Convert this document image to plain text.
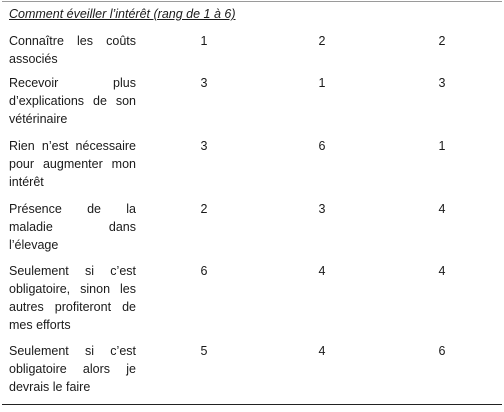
Comment éveiller l’intérêt (rang de 1 à 6)
Connaître les coûts associés
1	2	2
Recevoir plus d’explications de son vétérinaire
3	1	3
Rien n’est nécessaire pour augmenter mon intérêt
3	6	1
Présence de la maladie dans l’élevage
2	3	4
Seulement si c’est obligatoire, sinon les autres profiteront de mes efforts
6	4	4
Seulement si c’est obligatoire alors je devrais le faire
5	4	6
